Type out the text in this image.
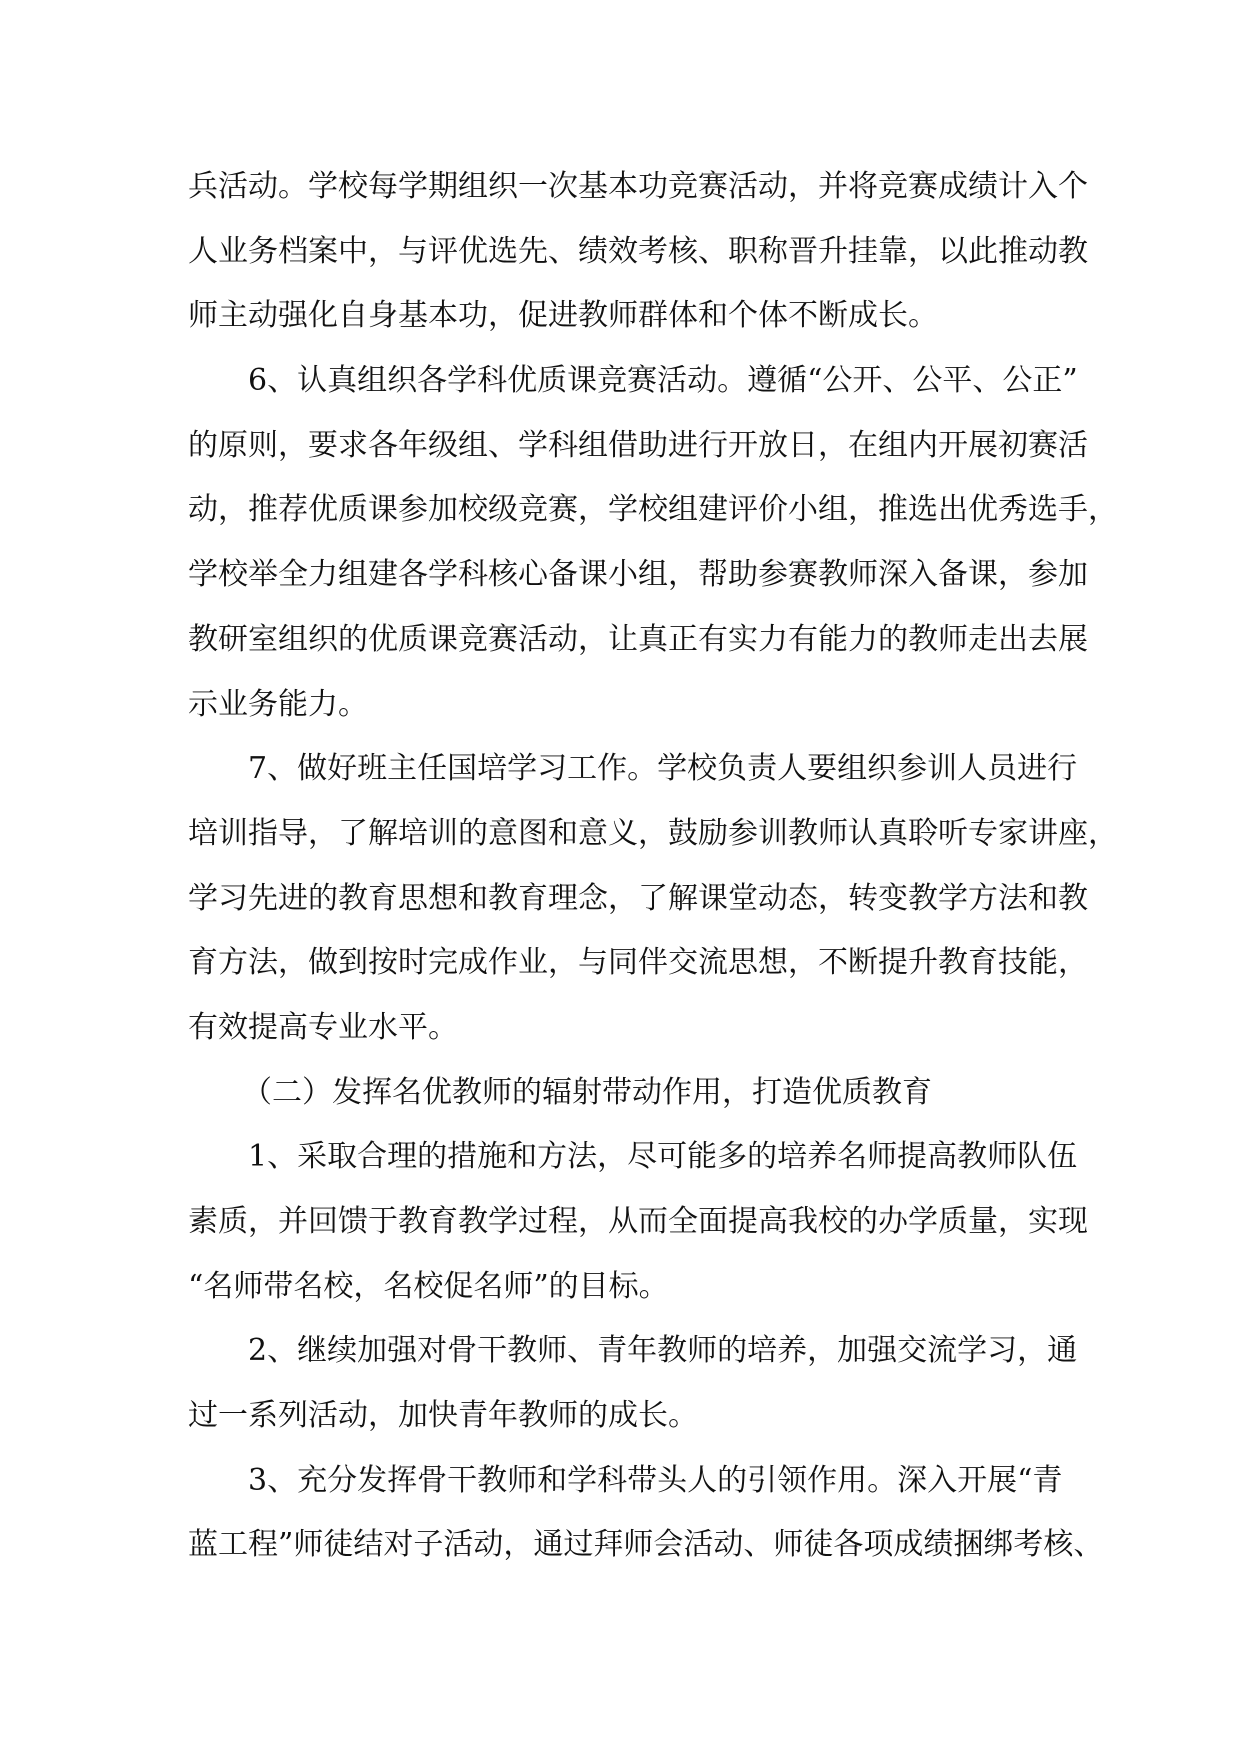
兵活动。学校每学期组织一次基本功竞赛活动，并将竞赛成绩计入个
人业务档案中，与评优选先、绩效考核、职称晋升挂靠，以此推动教
师主动强化自身基本功，促进教师群体和个体不断成长。
6、认真组织各学科优质课竞赛活动。遵循“公开、公平、公正”
的原则，要求各年级组、学科组借助进行开放日，在组内开展初赛活
动，推荐优质课参加校级竞赛，学校组建评价小组，推选出优秀选手，
学校举全力组建各学科核心备课小组，帮助参赛教师深入备课，参加
教研室组织的优质课竞赛活动，让真正有实力有能力的教师走出去展
示业务能力。
7、做好班主任国培学习工作。学校负责人要组织参训人员进行
培训指导，了解培训的意图和意义，鼓励参训教师认真聆听专家讲座，
学习先进的教育思想和教育理念，了解课堂动态，转变教学方法和教
育方法，做到按时完成作业，与同伴交流思想，不断提升教育技能，
有效提高专业水平。
（二）发挥名优教师的辐射带动作用，打造优质教育
1、采取合理的措施和方法，尽可能多的培养名师提高教师队伍
素质，并回馈于教育教学过程，从而全面提高我校的办学质量，实现
“名师带名校，名校促名师”的目标。
2、继续加强对骨干教师、青年教师的培养，加强交流学习，通
过一系列活动，加快青年教师的成长。
3、充分发挥骨干教师和学科带头人的引领作用。深入开展“青
蓝工程”师徒结对子活动，通过拜师会活动、师徒各项成绩捆绑考核、
